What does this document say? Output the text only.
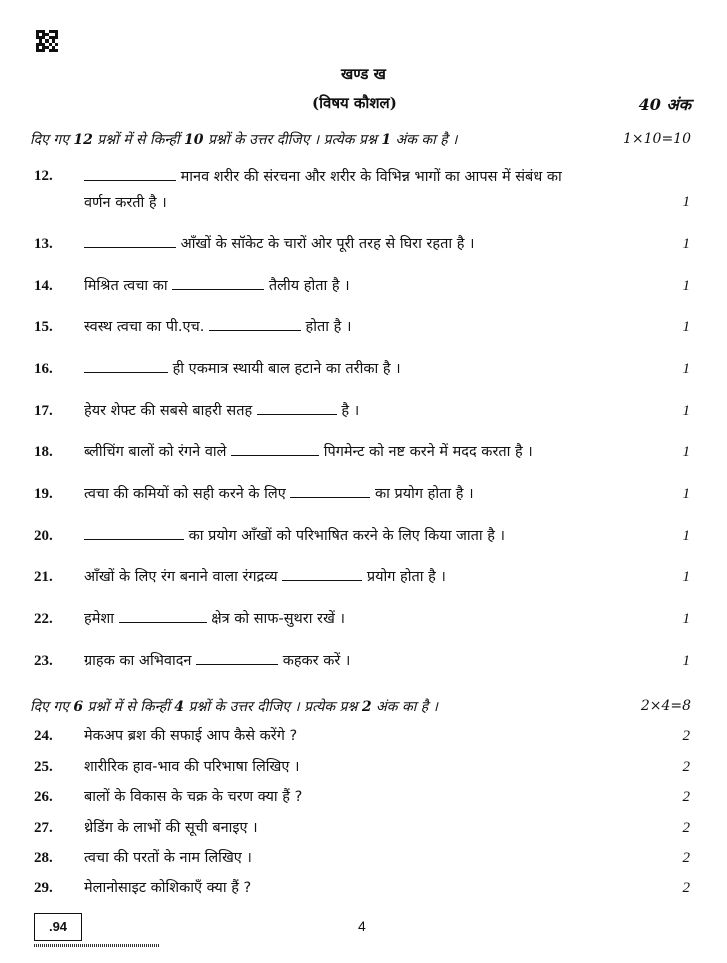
खण्ड ख
(विषय कौशल)	40 अंक
दिए गए 12 प्रश्नों में से किन्हीं 10 प्रश्नों के उत्तर दीजिए । प्रत्येक प्रश्न 1 अंक का है ।	1×10=10
12.	मानव शरीर की संरचना और शरीर के विभिन्न भागों का आपस में संबंध का
वर्णन करती है ।	1
13.	आँखों के सॉकेट के चारों ओर पूरी तरह से घिरा रहता है ।	1
14. मिश्रित त्वचा का	तैलीय होता है ।	1
15. स्वस्थ त्वचा का पी.एच.	होता है ।	1
16.	ही एकमात्र स्थायी बाल हटाने का तरीका है ।	1
17. हेयर शेफ्ट की सबसे बाहरी सतह	है ।	1
18. ब्लीचिंग बालों को रंगने वाले	पिगमेन्ट को नष्ट करने में मदद करता है ।	1
19. त्वचा की कमियों को सही करने के लिए	का प्रयोग होता है ।	1
20.	का प्रयोग आँखों को परिभाषित करने के लिए किया जाता है ।	1
21. आँखों के लिए रंग बनाने वाला रंगद्रव्य	प्रयोग होता है ।	1
22. हमेशा	क्षेत्र को साफ-सुथरा रखें ।	1
23. ग्राहक का अभिवादन	कहकर करें ।	1
दिए गए 6 प्रश्नों में से किन्हीं 4 प्रश्नों के उत्तर दीजिए । प्रत्येक प्रश्न 2 अंक का है ।	2×4=8
24. मेकअप ब्रश की सफाई आप कैसे करेंगे ?	2
25. शारीरिक हाव-भाव की परिभाषा लिखिए ।	2
26. बालों के विकास के चक्र के चरण क्या हैं ?	2
27. थ्रेडिंग के लाभों की सूची बनाइए ।	2
28. त्वचा की परतों के नाम लिखिए ।	2
29. मेलानोसाइट कोशिकाएँ क्या हैं ?	2
.94	4
